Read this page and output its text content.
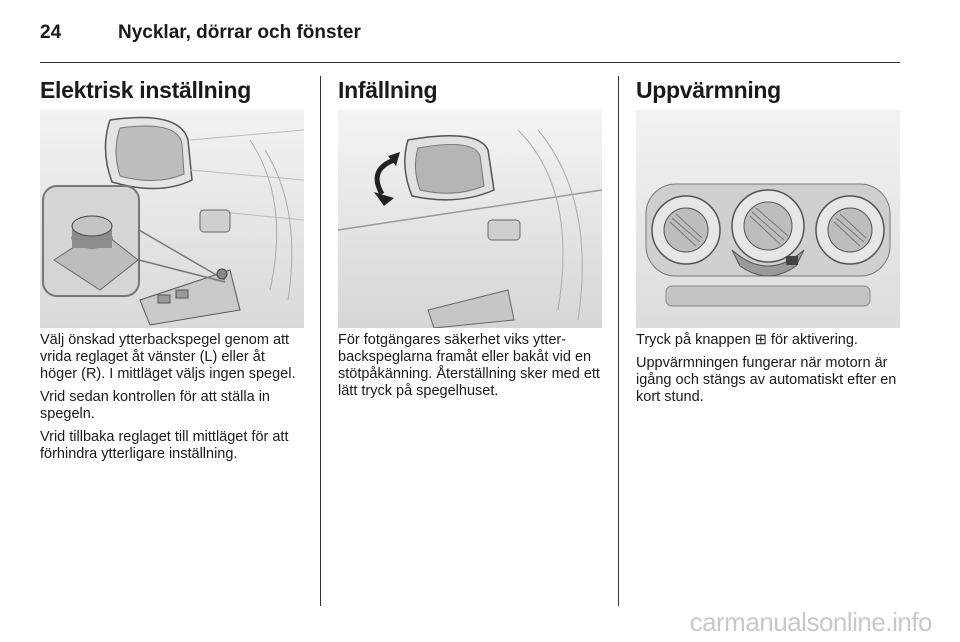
24	Nycklar, dörrar och fönster
Elektrisk inställning

Välj önskad ytterbackspegel genom att vrida reglaget åt vänster (L) eller åt höger (R). I mittläget väljs ingen spegel.

Vrid sedan kontrollen för att ställa in spegeln.

Vrid tillbaka reglaget till mittläget för att förhindra ytterligare inställning.

Infällning

För fotgängares säkerhet viks ytter-backspeglarna framåt eller bakåt vid en stötpåkänning. Återställning sker med ett lätt tryck på spegelhuset.

Uppvärmning

Tryck på knappen ⊞ för aktivering.

Uppvärmningen fungerar när motorn är igång och stängs av automatiskt efter en kort stund.

carmanualsonline.info
